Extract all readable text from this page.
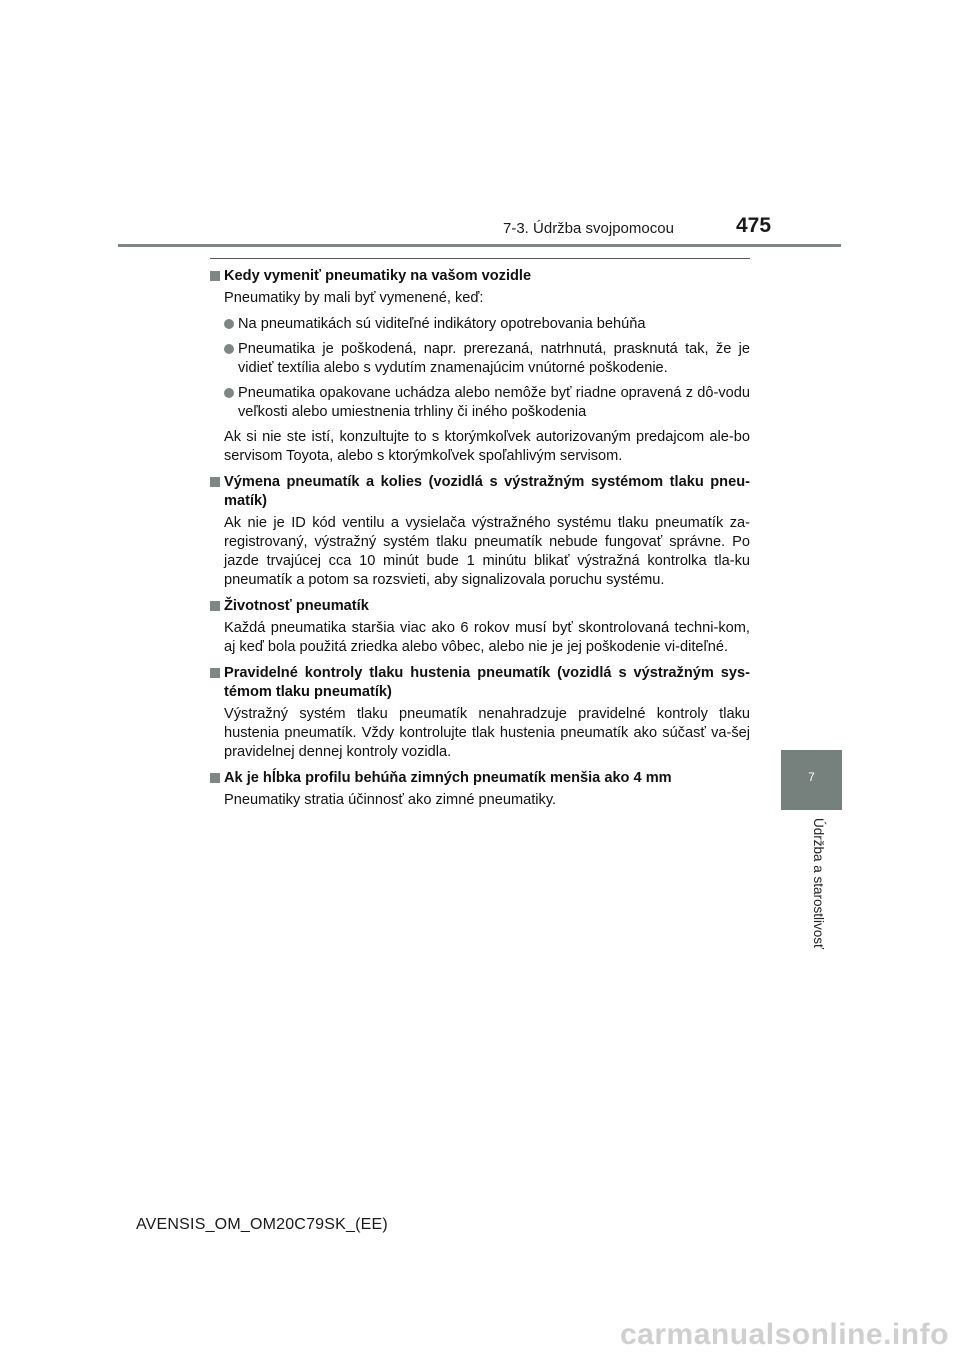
7-3. Údržba svojpomocou	475
7
Údržba a starostlivosť
Kedy vymeniť pneumatiky na vašom vozidle
Pneumatiky by mali byť vymenené, keď:
Na pneumatikách sú viditeľné indikátory opotrebovania behúňa
Pneumatika je poškodená, napr. prerezaná, natrhnutá, prasknutá tak, že je vidieť textília alebo s vydutím znamenajúcim vnútorné poškodenie.
Pneumatika opakovane uchádza alebo nemôže byť riadne opravená z dô-vodu veľkosti alebo umiestnenia trhliny či iného poškodenia
Ak si nie ste istí, konzultujte to s ktorýmkoľvek autorizovaným predajcom ale-bo servisom Toyota, alebo s ktorýmkoľvek spoľahlivým servisom.
Výmena pneumatík a kolies (vozidlá s výstražným systémom tlaku pneu-matík)
Ak nie je ID kód ventilu a vysielača výstražného systému tlaku pneumatík za-registrovaný, výstražný systém tlaku pneumatík nebude fungovať správne. Po jazde trvajúcej cca 10 minút bude 1 minútu blikať výstražná kontrolka tla-ku pneumatík a potom sa rozsvieti, aby signalizovala poruchu systému.
Životnosť pneumatík
Každá pneumatika staršia viac ako 6 rokov musí byť skontrolovaná techni-kom, aj keď bola použitá zriedka alebo vôbec, alebo nie je jej poškodenie vi-diteľné.
Pravidelné kontroly tlaku hustenia pneumatík (vozidlá s výstražným sys-témom tlaku pneumatík)
Výstražný systém tlaku pneumatík nenahradzuje pravidelné kontroly tlaku hustenia pneumatík. Vždy kontrolujte tlak hustenia pneumatík ako súčasť va-šej pravidelnej dennej kontroly vozidla.
Ak je hĺbka profilu behúňa zimných pneumatík menšia ako 4 mm
Pneumatiky stratia účinnosť ako zimné pneumatiky.
AVENSIS_OM_OM20C79SK_(EE)
carmanualsonline.info
